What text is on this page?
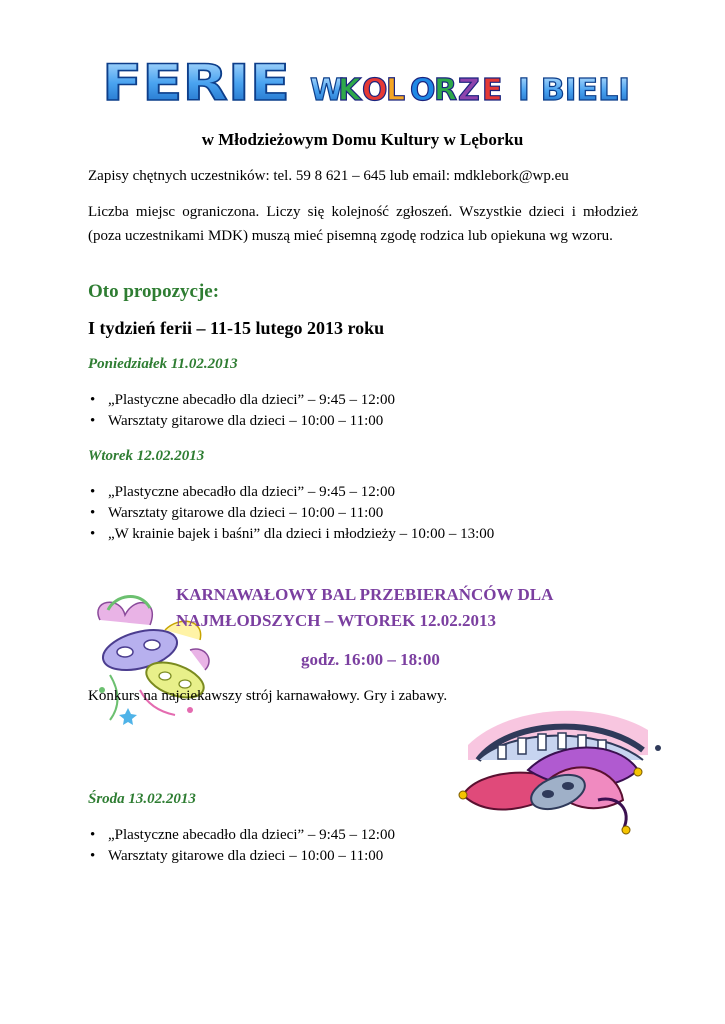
FERIE W
K O
L O
R Z E I BIELI

w Młodzieżowym Domu Kultury w Lęborku

Zapisy chętnych uczestników: tel. 59 8 621 – 645 lub email: mdklebork@wp.eu

Liczba miejsc ograniczona. Liczy się kolejność zgłoszeń. Wszystkie dzieci i młodzież (poza uczestnikami MDK) muszą mieć pisemną zgodę rodzica lub opiekuna wg wzoru.

Oto propozycje:

I tydzień ferii – 11-15 lutego 2013 roku

Poniedziałek 11.02.2013

• „Plastyczne abecadło dla dzieci” – 9:45 – 12:00
• Warsztaty gitarowe dla dzieci – 10:00 – 11:00

Wtorek 12.02.2013

• „Plastyczne abecadło dla dzieci” – 9:45 – 12:00
• Warsztaty gitarowe dla dzieci – 10:00 – 11:00
• „W krainie bajek i baśni” dla dzieci i młodzieży – 10:00 – 13:00

KARNAWAŁOWY BAL PRZEBIERAŃCÓW DLA

NAJMŁODSZYCH – WTOREK 12.02.2013

godz. 16:00 – 18:00

Konkurs na najciekawszy strój karnawałowy. Gry i zabawy.

Środa 13.02.2013

• „Plastyczne abecadło dla dzieci” – 9:45 – 12:00
• Warsztaty gitarowe dla dzieci – 10:00 – 11:00
